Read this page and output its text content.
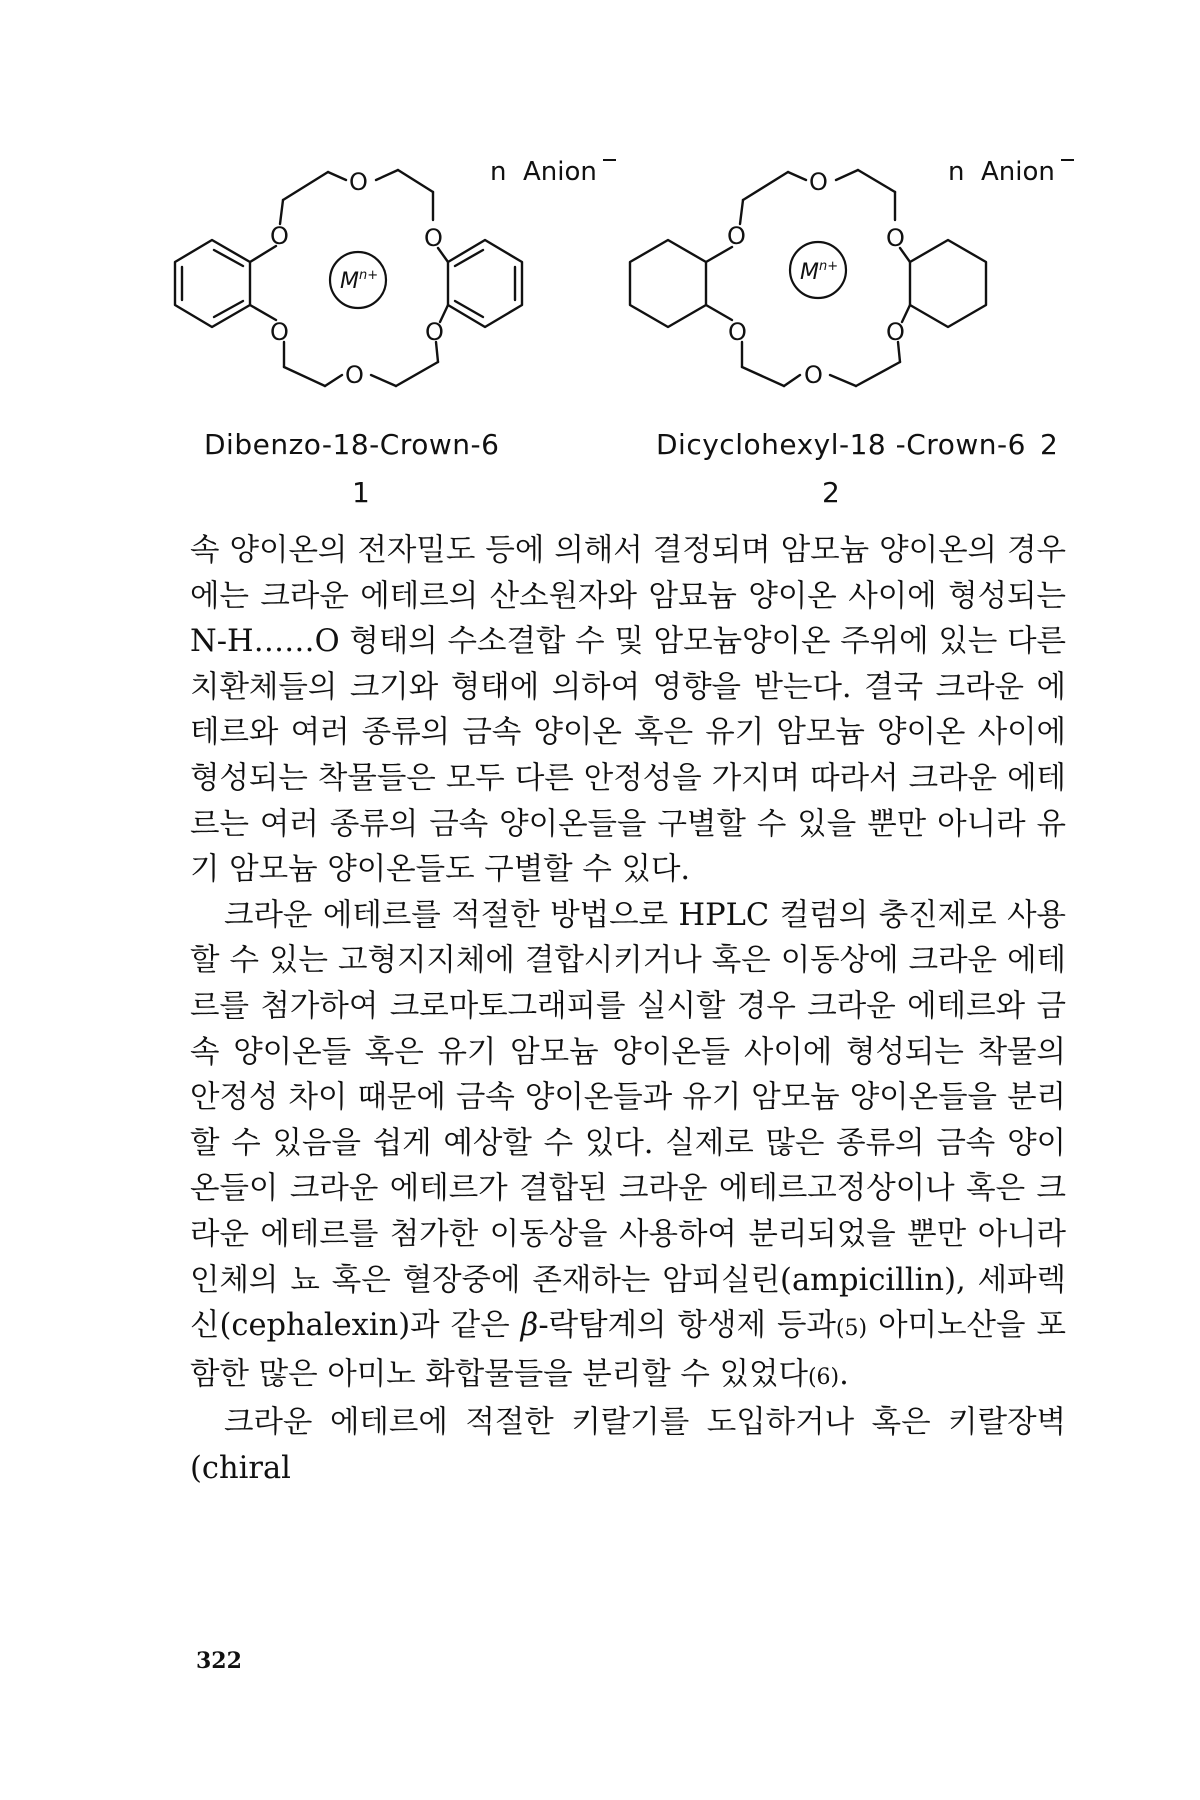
O
O
O
O
O
O
$M^{n+}$
n  Anion
Dibenzo-18-Crown-6
1
O
O
O
O
O
O
$M^{n+}$
n  Anion
Dicyclohexyl-18 -Crown-6 2
2

속 양이온의 전자밀도 등에 의해서 결정되며 암모늄 양이온의 경우에는 크라운 에테르의 산소원자와 암묘늄 양이온 사이에 형성되는 N-H……O 형태의 수소결합 수 및 암모늄양이온 주위에 있는 다른 치환체들의 크기와 형태에 의하여 영향을 받는다. 결국 크라운 에테르와 여러 종류의 금속 양이온 혹은 유기 암모늄 양이온 사이에 형성되는 착물들은 모두 다른 안정성을 가지며 따라서 크라운 에테르는 여러 종류의 금속 양이온들을 구별할 수 있을 뿐만 아니라 유기 암모늄 양이온들도 구별할 수 있다.

크라운 에테르를 적절한 방법으로 HPLC 컬럼의 충진제로 사용할 수 있는 고형지지체에 결합시키거나 혹은 이동상에 크라운 에테르를 첨가하여 크로마토그래피를 실시할 경우 크라운 에테르와 금속 양이온들 혹은 유기 암모늄 양이온들 사이에 형성되는 착물의 안정성 차이 때문에 금속 양이온들과 유기 암모늄 양이온들을 분리할 수 있음을 쉽게 예상할 수 있다. 실제로 많은 종류의 금속 양이온들이 크라운 에테르가 결합된 크라운 에테르고정상이나 혹은 크라운 에테르를 첨가한 이동상을 사용하여 분리되었을 뿐만 아니라 인체의 뇨 혹은 혈장중에 존재하는 암피실린(ampicillin), 세파렉신(cephalexin)과 같은 β-락탐계의 항생제 등과(5) 아미노산을 포함한 많은 아미노 화합물들을 분리할 수 있었다(6).

크라운 에테르에 적절한 키랄기를 도입하거나 혹은 키랄장벽(chiral

322
